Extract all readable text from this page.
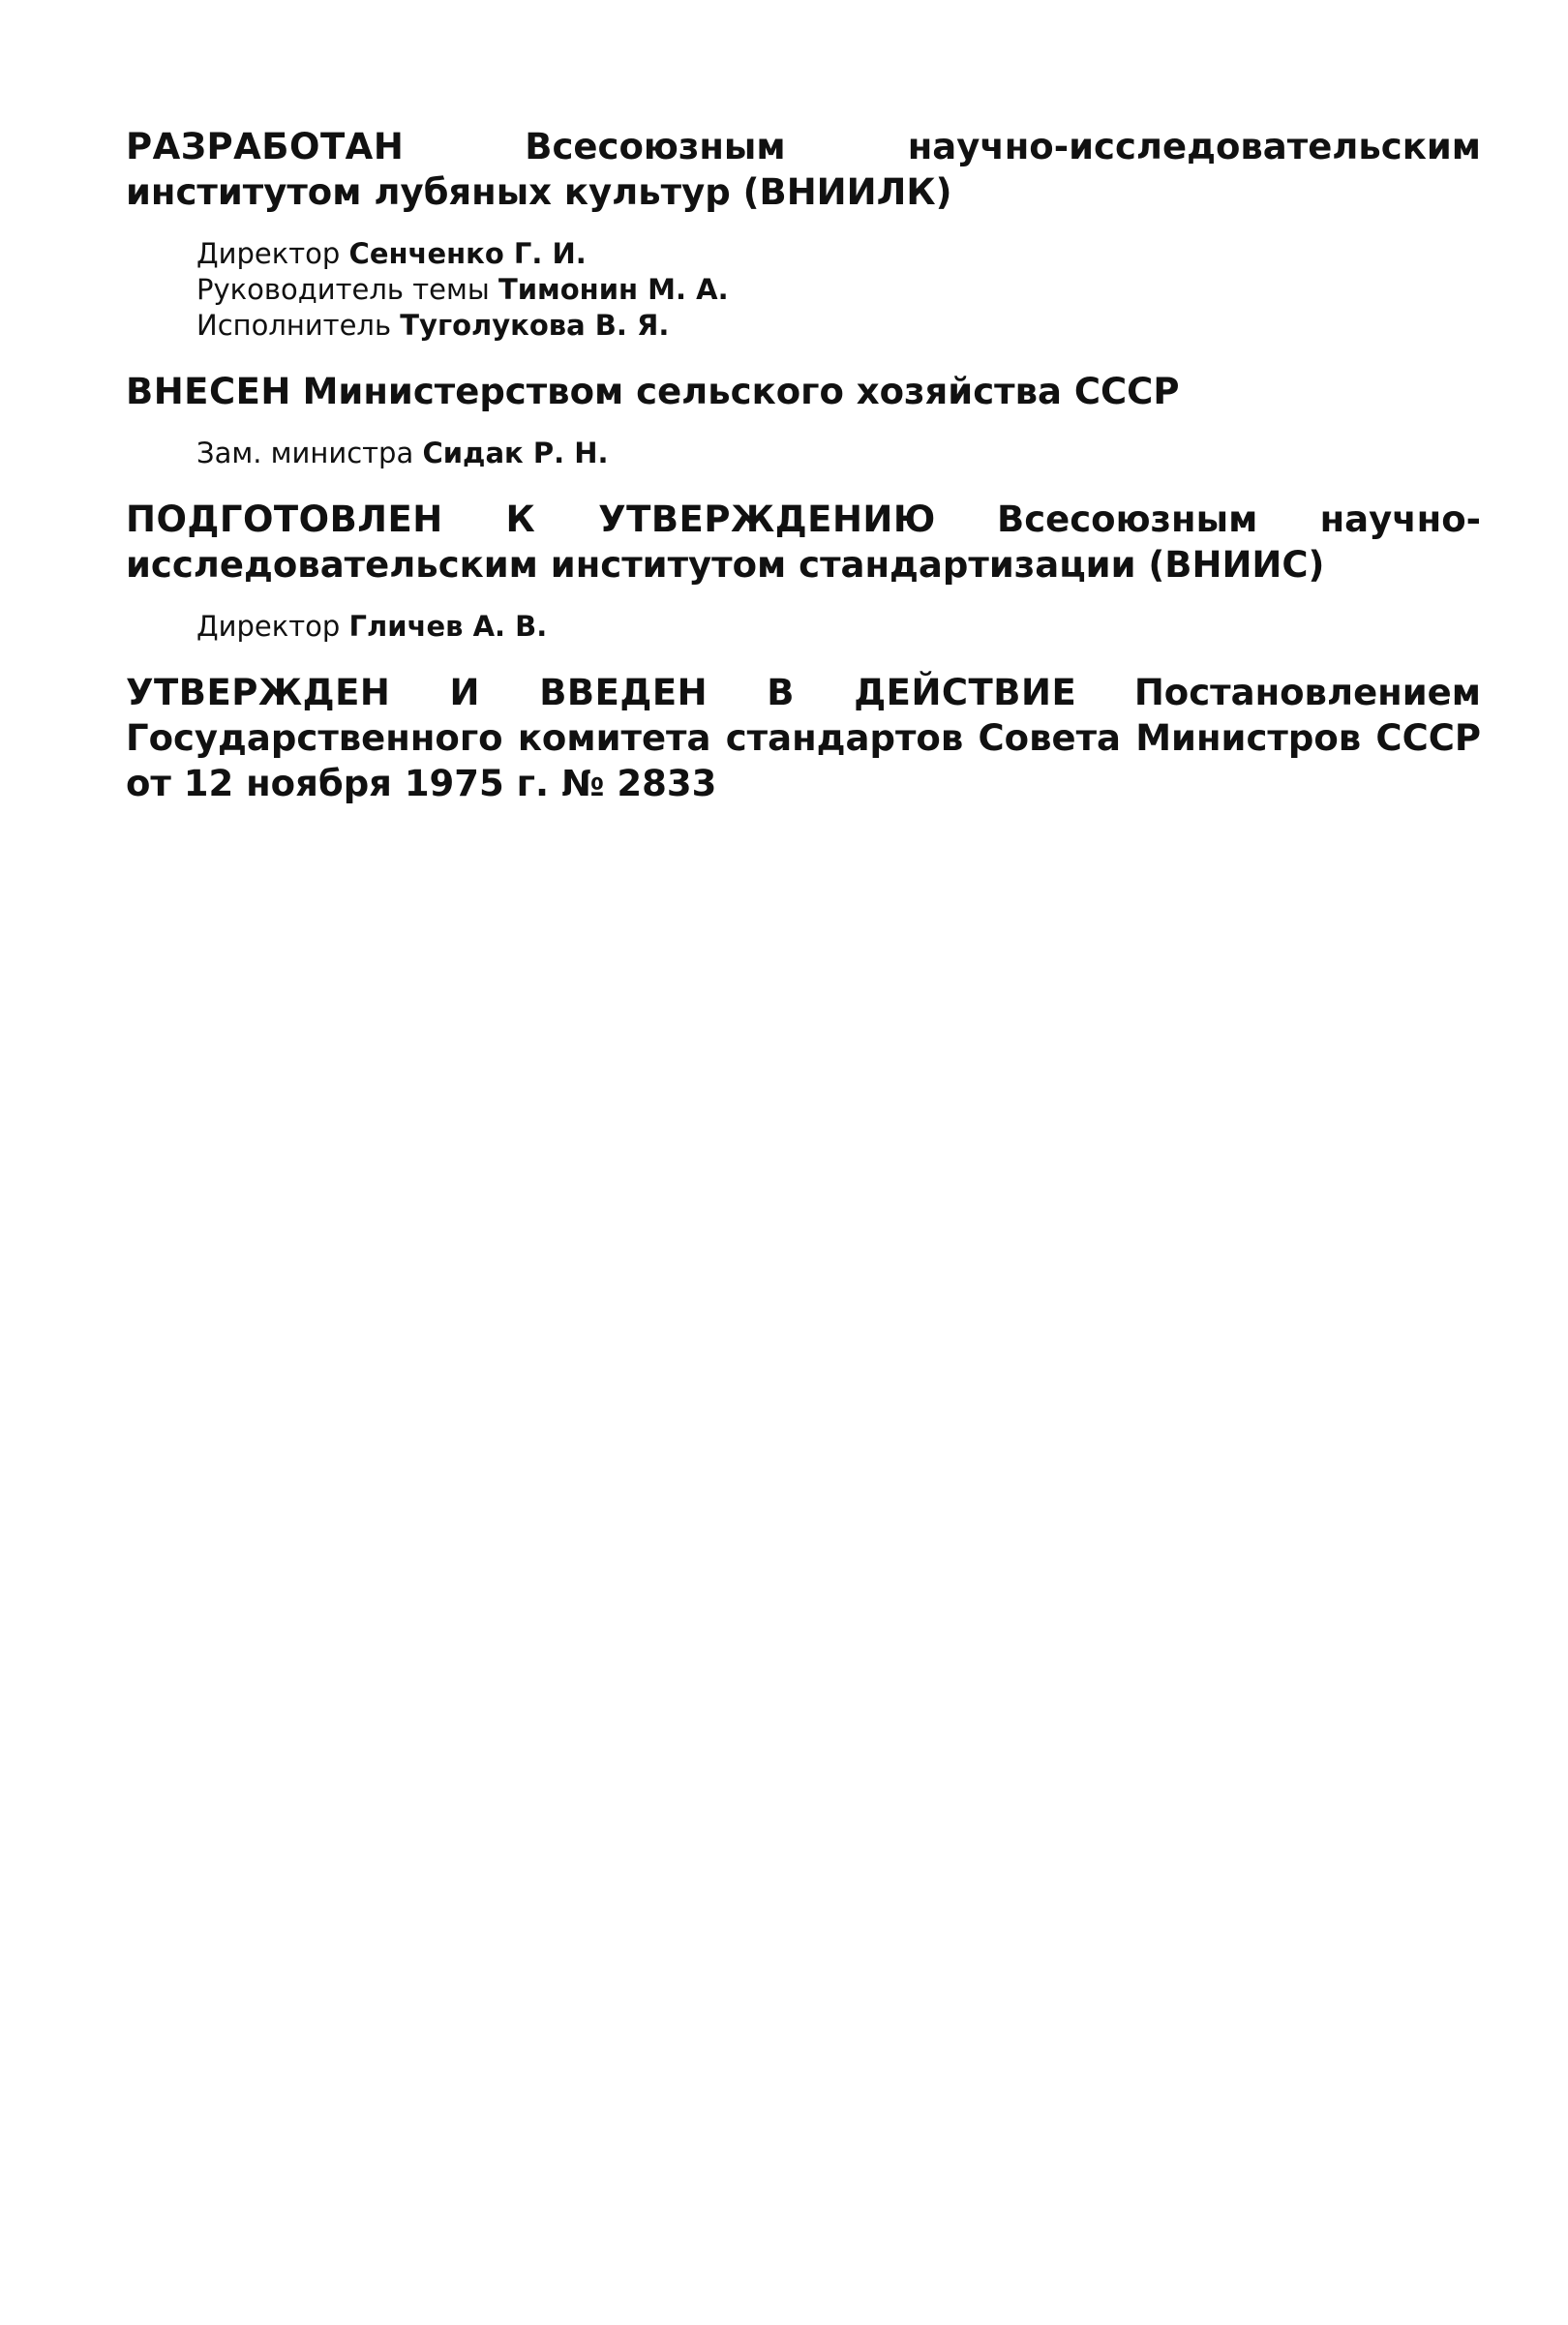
РАЗРАБОТАН	Всесоюзным научно-исследовательским институтом лубяных культур (ВНИИЛК)

Директор Сенченко Г. И.
Руководитель темы Тимонин М. А.
Исполнитель Туголукова В. Я.

ВНЕСЕН Министерством сельского хозяйства СССР

Зам. министра Сидак Р. Н.

ПОДГОТОВЛЕН К УТВЕРЖДЕНИЮ Всесоюзным научно-исследовательским институтом стандартизации (ВНИИС)

Директор Гличев А. В.

УТВЕРЖДЕН И ВВЕДЕН В ДЕЙСТВИЕ Постановлением Государственного комитета стандартов Совета Министров СССР от 12 ноября 1975 г. № 2833
